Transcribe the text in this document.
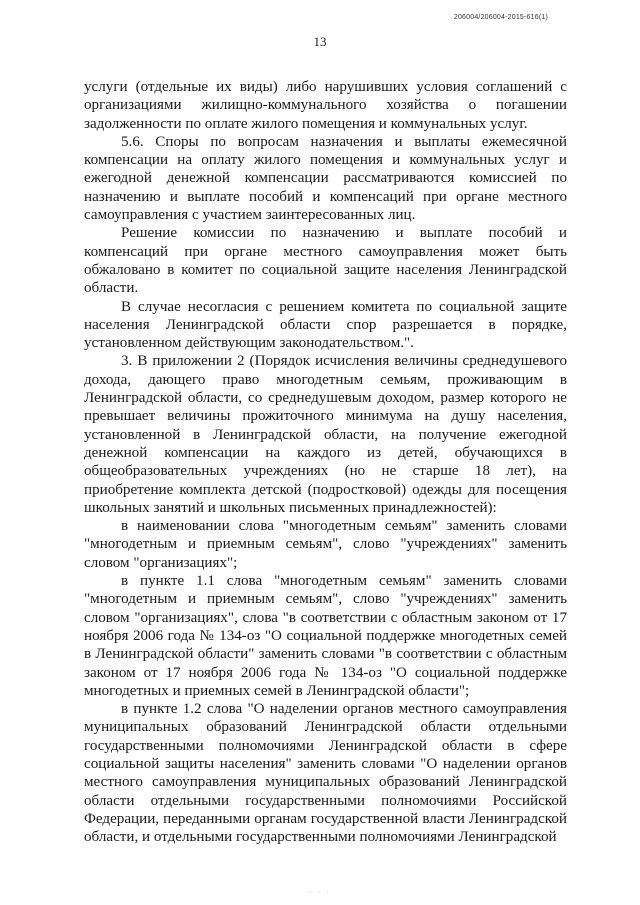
206004/206004-2015-616(1)
13

услуги (отдельные их виды) либо нарушивших условия соглашений с организациями жилищно-коммунального хозяйства о погашении задолженности по оплате жилого помещения и коммунальных услуг.

5.6. Споры по вопросам назначения и выплаты ежемесячной компенсации на оплату жилого помещения и коммунальных услуг и ежегодной денежной компенсации рассматриваются комиссией по назначению и выплате пособий и компенсаций при органе местного самоуправления с участием заинтересованных лиц.

Решение комиссии по назначению и выплате пособий и компенсаций при органе местного самоуправления может быть обжаловано в комитет по социальной защите населения Ленинградской области.

В случае несогласия с решением комитета по социальной защите населения Ленинградской области спор разрешается в порядке, установленном действующим законодательством.".

3. В приложении 2 (Порядок исчисления величины среднедушевого дохода, дающего право многодетным семьям, проживающим в Ленинградской области, со среднедушевым доходом, размер которого не превышает величины прожиточного минимума на душу населения, установленной в Ленинградской области, на получение ежегодной денежной компенсации на каждого из детей, обучающихся в общеобразовательных учреждениях (но не старше 18 лет), на приобретение комплекта детской (подростковой) одежды для посещения школьных занятий и школьных письменных принадлежностей):

в наименовании слова "многодетным семьям" заменить словами "многодетным и приемным семьям", слово "учреждениях" заменить словом "организациях";

в пункте 1.1 слова "многодетным семьям" заменить словами "многодетным и приемным семьям", слово "учреждениях" заменить словом "организациях", слова "в соответствии с областным законом от 17 ноября 2006 года № 134-оз "О социальной поддержке многодетных семей в Ленинградской области" заменить словами "в соответствии с областным законом от 17 ноября 2006 года № 134-оз "О социальной поддержке многодетных и приемных семей в Ленинградской области";

в пункте 1.2 слова "О наделении органов местного самоуправления муниципальных образований Ленинградской области отдельными государственными полномочиями Ленинградской области в сфере социальной защиты населения" заменить словами "О наделении органов местного самоуправления муниципальных образований Ленинградской области отдельными государственными полномочиями Российской Федерации, переданными органам государственной власти Ленинградской области, и отдельными государственными полномочиями Ленинградской

· · ·
